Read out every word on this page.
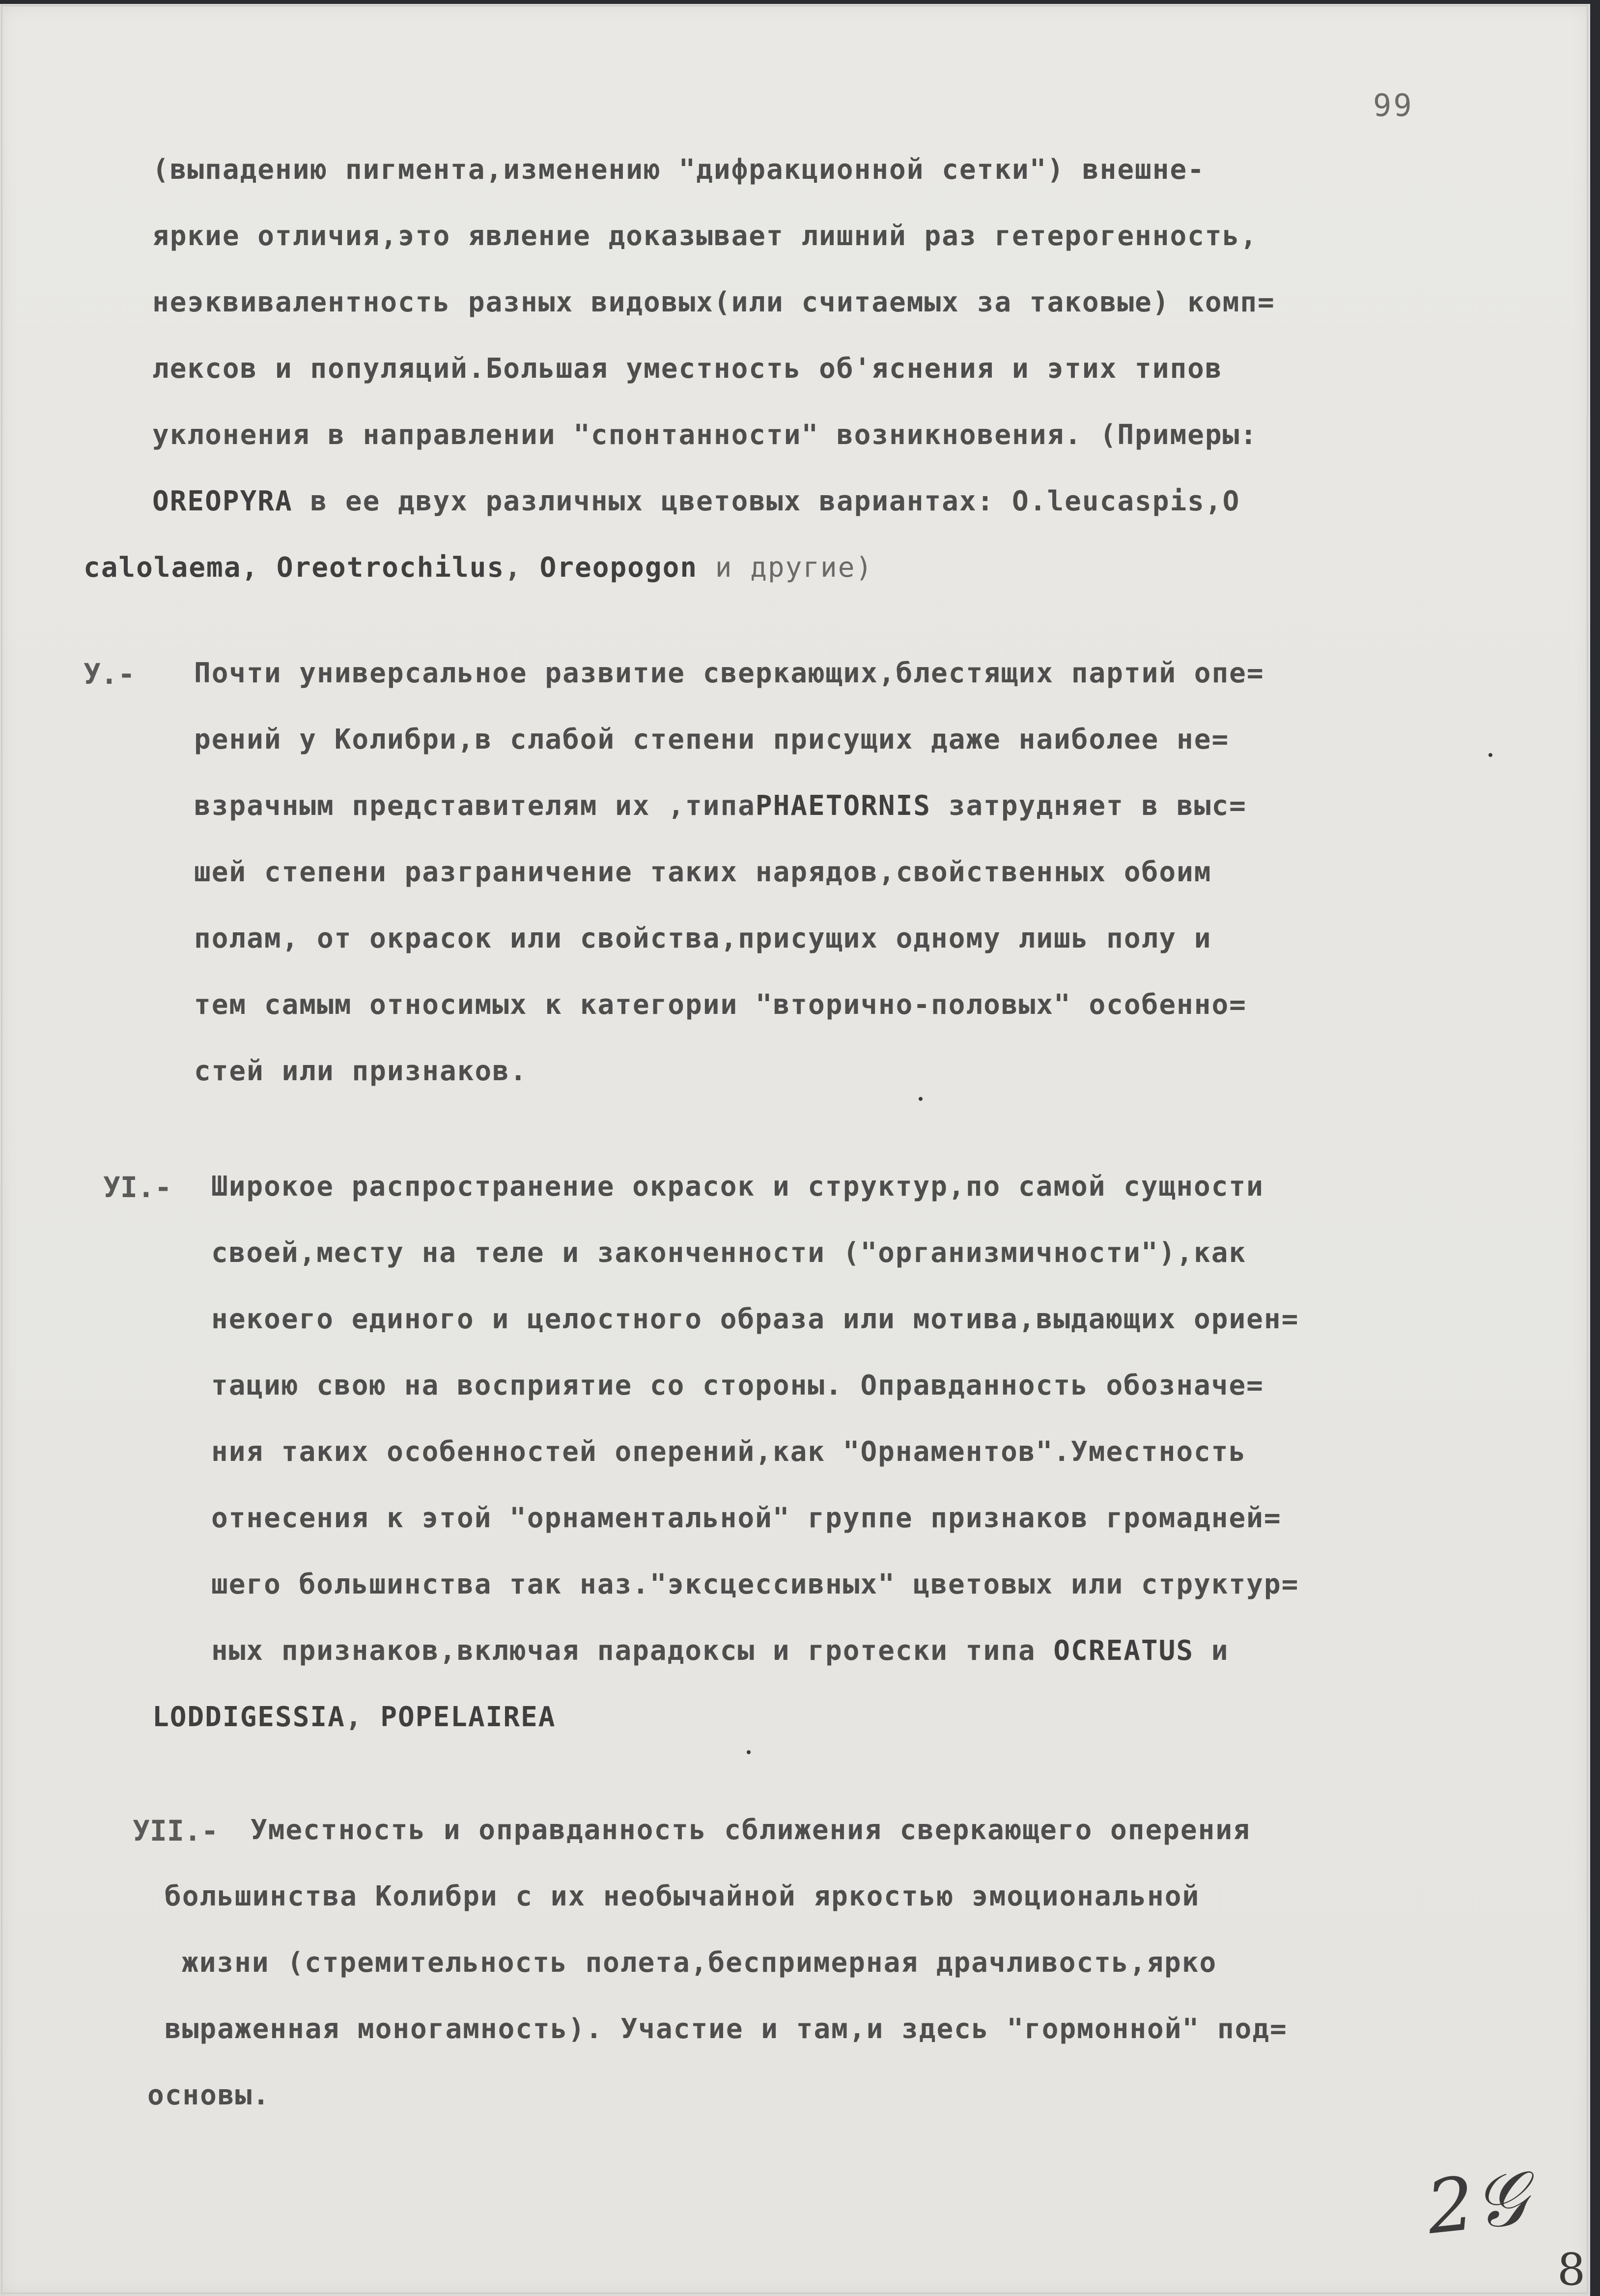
99
(выпадению пигмента,изменению "дифракционной сетки") внешне-
яркие отличия,это явление доказывает лишний раз гетерогенность,
неэквивалентность разных видовых(или считаемых за таковые) комп=
лексов и популяций.Большая уместность об'яснения и этих типов
уклонения в направлении "спонтанности" возникновения. (Примеры:
OREOPYRA в ее двух различных цветовых вариантах: O.leucaspis,O
calolaema, Oreotrochilus, Oreopogon и другие)
У.- Почти универсальное развитие сверкающих,блестящих партий опе=
рений у Колибри,в слабой степени присущих даже наиболее не=
взрачным представителям их ,типаPHAETORNIS затрудняет в выс=
шей степени разграничение таких нарядов,свойственных обоим
полам, от окрасок или свойства,присущих одному лишь полу и
тем самым относимых к категории "вторично-половых" особенно=
стей или признаков.
УI.- Широкое распространение окрасок и структур,по самой сущности
своей,месту на теле и законченности ("организмичности"),как
некоего единого и целостного образа или мотива,выдающих ориен=
тацию свою на восприятие со стороны. Оправданность обозначе=
ния таких особенностей оперений,как "Орнаментов".Уместность
отнесения к этой "орнаментальной" группе признаков громадней=
шего большинства так наз."эксцессивных" цветовых или структур=
ных признаков,включая парадоксы и гротески типа OCREATUS и
LODDIGESSIA, POPELAIREA
УII.- Уместность и оправданность сближения сверкающего оперения
большинства Колибри с их необычайной яркостью эмоциональной
жизни (стремительность полета,беспримерная драчливость,ярко
выраженная моногамность). Участие и там,и здесь "гормонной" под=
основы.
2𝒢
8
